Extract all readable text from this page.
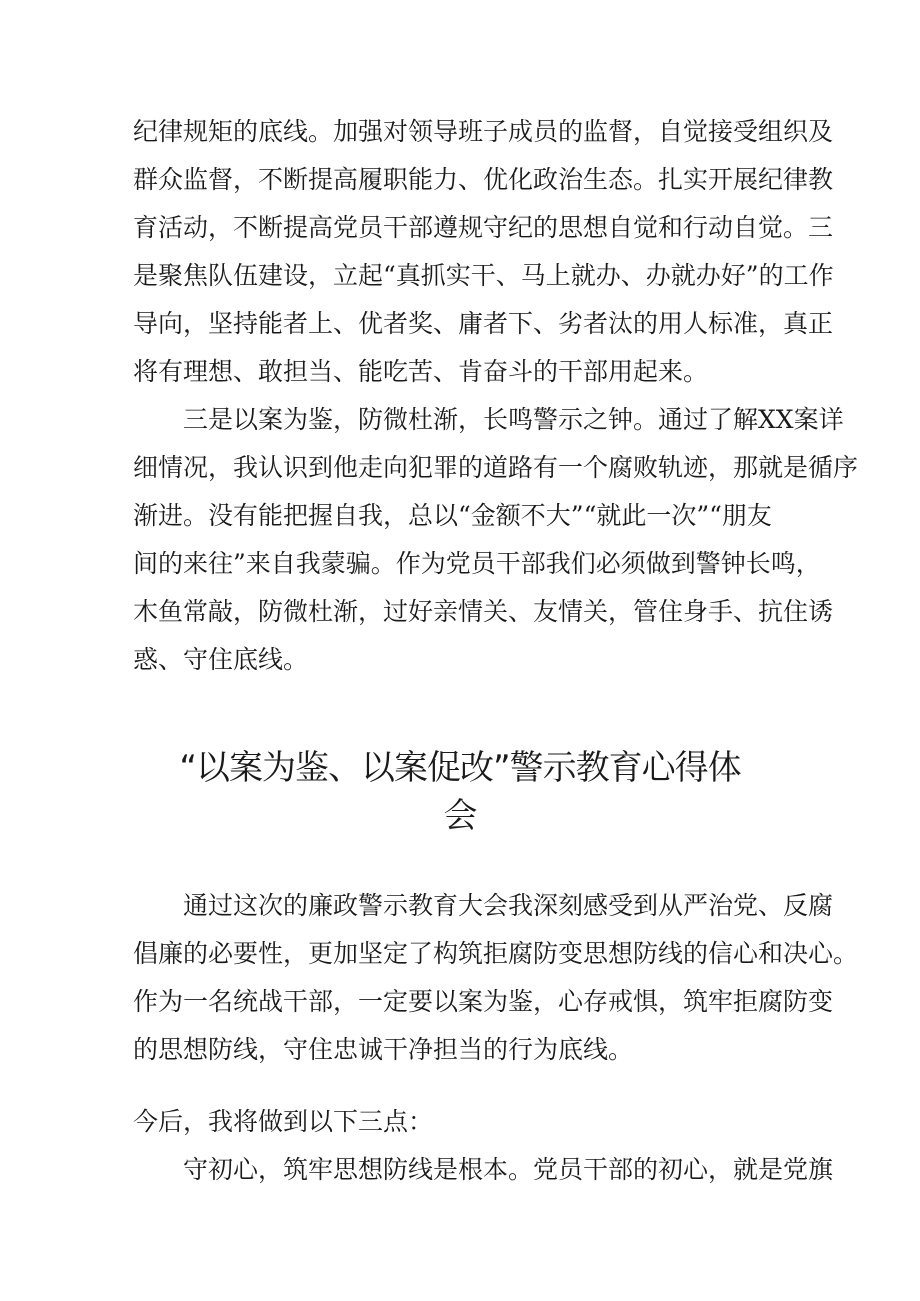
纪律规矩的底线。加强对领导班子成员的监督，自觉接受组织及
群众监督，不断提高履职能力、优化政治生态。扎实开展纪律教
育活动，不断提高党员干部遵规守纪的思想自觉和行动自觉。三
是聚焦队伍建设，立起“真抓实干、马上就办、办就办好”的工作
导向，坚持能者上、优者奖、庸者下、劣者汰的用人标准，真正
将有理想、敢担当、能吃苦、肯奋斗的干部用起来。
三是以案为鉴，防微杜渐，长鸣警示之钟。通过了解XX案详
细情况，我认识到他走向犯罪的道路有一个腐败轨迹，那就是循序
渐进。没有能把握自我，总以“金额不大”“就此一次”“朋友
间的来往”来自我蒙骗。作为党员干部我们必须做到警钟长鸣，
木鱼常敲，防微杜渐，过好亲情关、友情关，管住身手、抗住诱
惑、守住底线。
“以案为鉴、以案促改”警示教育心得体
会
通过这次的廉政警示教育大会我深刻感受到从严治党、反腐
倡廉的必要性，更加坚定了构筑拒腐防变思想防线的信心和决心。
作为一名统战干部，一定要以案为鉴，心存戒惧，筑牢拒腐防变
的思想防线，守住忠诚干净担当的行为底线。
今后，我将做到以下三点：
守初心，筑牢思想防线是根本。党员干部的初心，就是党旗
